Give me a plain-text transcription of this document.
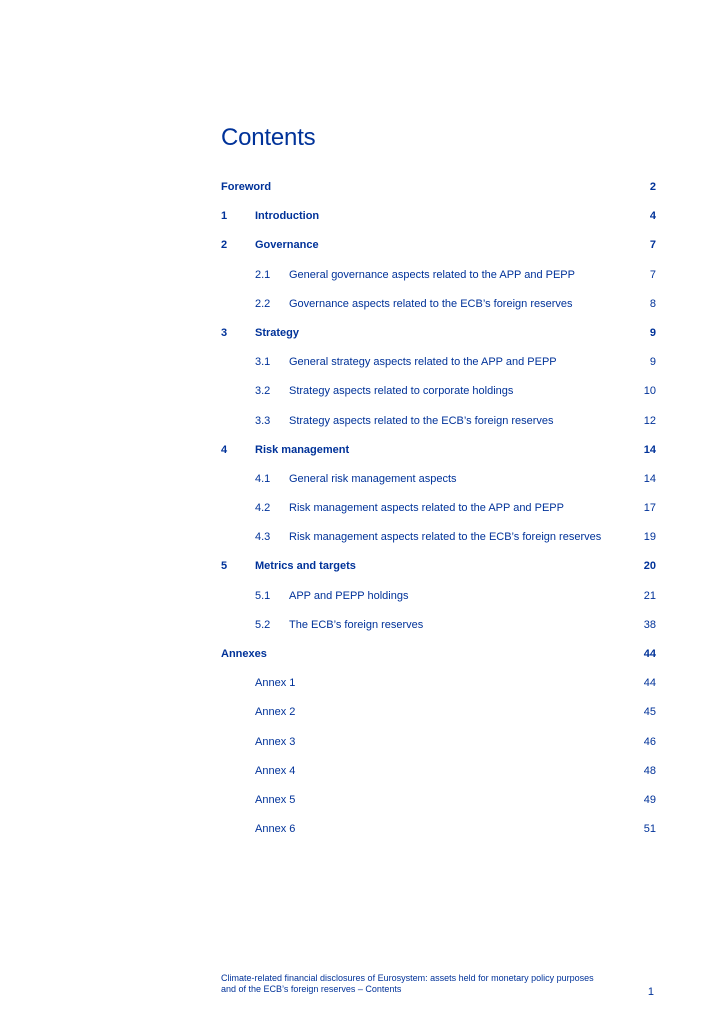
Contents
Foreword	2
1	Introduction	4
2	Governance	7
2.1 General governance aspects related to the APP and PEPP	7
2.2 Governance aspects related to the ECB’s foreign reserves	8
3	Strategy	9
3.1 General strategy aspects related to the APP and PEPP	9
3.2 Strategy aspects related to corporate holdings	10
3.3 Strategy aspects related to the ECB’s foreign reserves	12
4	Risk management	14
4.1 General risk management aspects	14
4.2 Risk management aspects related to the APP and PEPP	17
4.3 Risk management aspects related to the ECB’s foreign reserves	19
5	Metrics and targets	20
5.1 APP and PEPP holdings	21
5.2 The ECB’s foreign reserves	38
Annexes	44
Annex 1	44
Annex 2	45
Annex 3	46
Annex 4	48
Annex 5	49
Annex 6	51
Climate-related financial disclosures of Eurosystem: assets held for monetary policy purposes
and of the ECB’s foreign reserves – Contents	1
